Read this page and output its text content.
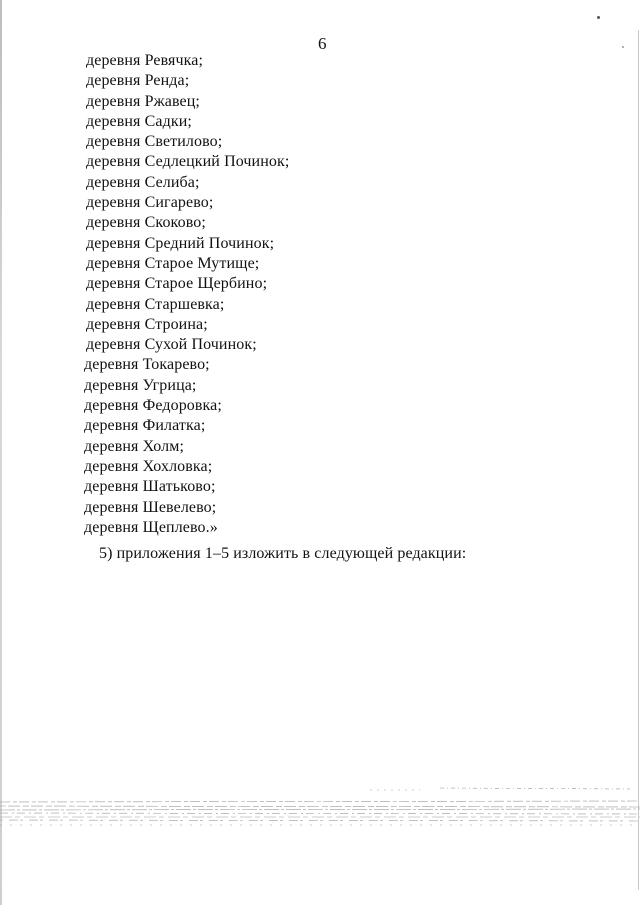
6
деревня Ревячка;
деревня Ренда;
деревня Ржавец;
деревня Садки;
деревня Светилово;
деревня Седлецкий Починок;
деревня Селиба;
деревня Сигарево;
деревня Скоково;
деревня Средний Починок;
деревня Старое Мутище;
деревня Старое Щербино;
деревня Старшевка;
деревня Строина;
деревня Сухой Починок;
деревня Токарево;
деревня Угрица;
деревня Федоровка;
деревня Филатка;
деревня Холм;
деревня Хохловка;
деревня Шатьково;
деревня Шевелево;
деревня Щеплево.»
5) приложения 1–5 изложить в следующей редакции:
